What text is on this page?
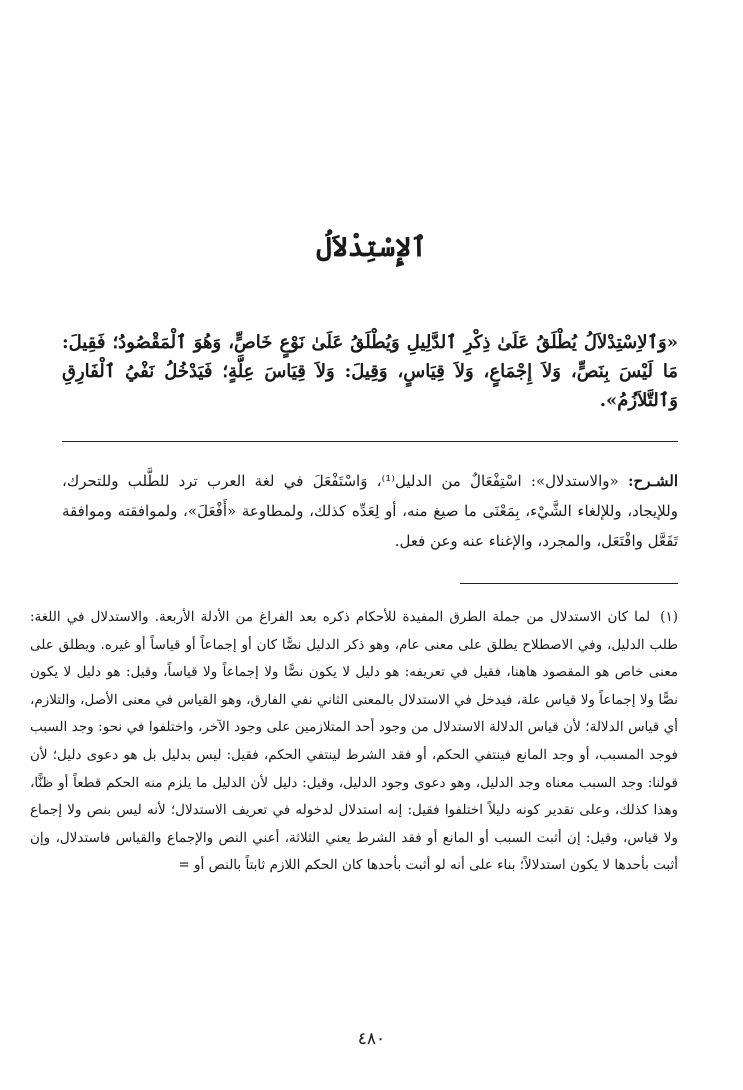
ٱلإِسْتِدْلاَلُ

«وَٱلاِسْتِدْلاَلُ يُطْلَقُ عَلَىٰ ذِكْرِ ٱلدَّلِيلِ وَيُطْلَقُ عَلَىٰ نَوْعٍ خَاصٍّ، وَهُوَ ٱلْمَقْصُودُ؛ فَقِيلَ: مَا لَيْسَ بِنَصٍّ، وَلاَ إِجْمَاعٍ، وَلاَ قِيَاسٍ، وَقِيلَ: وَلاَ قِيَاسَ عِلَّةٍ؛ فَيَدْخُلُ نَفْيُ ٱلْفَارِقِ وَٱلتَّلاَزُمُ».

الشـرح: «والاستدلال»: اسْتِفْعَالٌ من الدليل⁽¹⁾، وَاسْتَفْعَلَ في لغة العرب ترد للطَّلب وللتحرك، وللإيجاد، وللإلغاء الشَّيْء، بِمَعْنَى ما صيغ منه، أو لِعَدِّه كذلك، ولمطاوعة «أَفْعَلَ»، ولموافقته وموافقة تَفَعَّل وافْتَعَل، والمجرد، والإغناء عنه وعن فعل.

(١)لما كان الاستدلال من جملة الطرق المفيدة للأحكام ذكره بعد الفراغ من الأدلة الأربعة. والاستدلال في اللغة: طلب الدليل، وفي الاصطلاح يطلق على معنى عام، وهو ذكر الدليل نصًّا كان أو إجماعاً أو قياساً أو غيره. ويطلق على معنى خاص هو المقصود هاهنا، فقيل في تعريفه: هو دليل لا يكون نصًّا ولا إجماعاً ولا قياساً، وقيل: هو دليل لا يكون نصًّا ولا إجماعاً ولا قياس علة، فيدخل في الاستدلال بالمعنى الثاني نفي الفارق، وهو القياس في معنى الأصل، والتلازم، أي قياس الدلالة؛ لأن قياس الدلالة الاستدلال من وجود أحد المتلازمين على وجود الآخر، واختلفوا في نحو: وجد السبب فوجد المسبب، أو وجد المانع فينتفي الحكم، أو فقد الشرط لينتفي الحكم، فقيل: ليس بدليل بل هو دعوى دليل؛ لأن قولنا: وجد السبب معناه وجد الدليل، وهو دعوى وجود الدليل، وقيل: دليل لأن الدليل ما يلزم منه الحكم قطعاً أو ظنًّا، وهذا كذلك، وعلى تقدير كونه دليلاً اختلفوا فقيل: إنه استدلال لدخوله في تعريف الاستدلال؛ لأنه ليس بنص ولا إجماع ولا قياس، وقيل: إن أثبت السبب أو المانع أو فقد الشرط يعني الثلاثة، أعني النص والإجماع والقياس فاستدلال، وإن أثبت بأحدها لا يكون استدلالاً؛ بناء على أنه لو أثبت بأحدها كان الحكم اللازم ثابتاً بالنص أو =

٤٨٠
